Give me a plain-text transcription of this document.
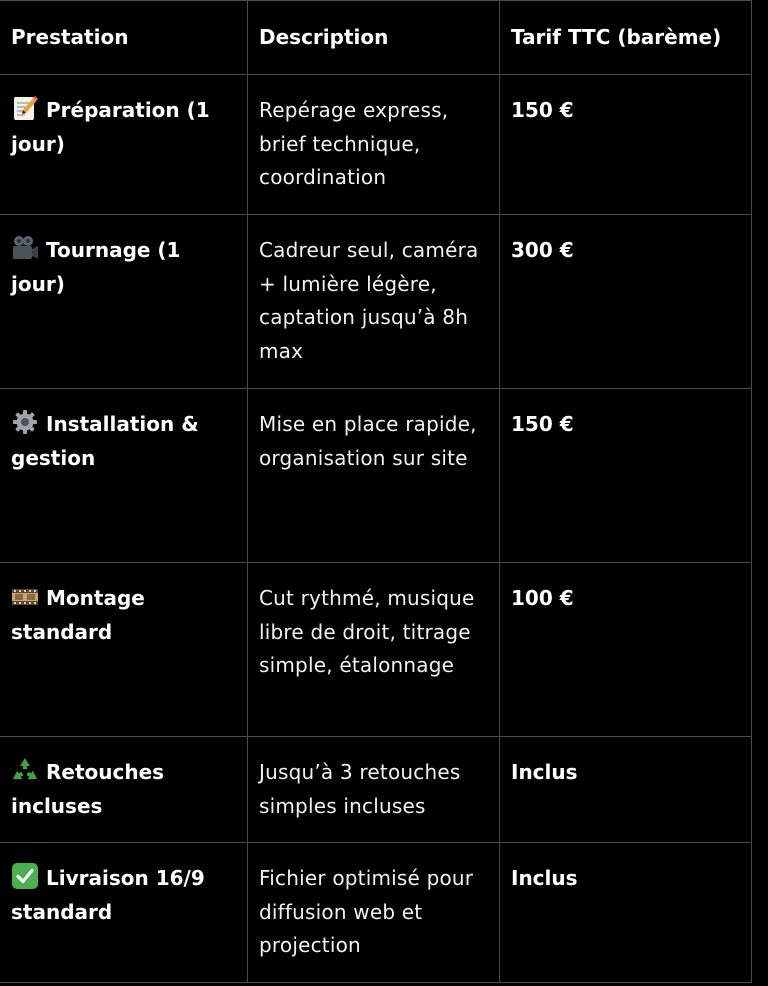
Prestation	Description	Tarif TTC (barème)

Préparation (1 jour)	Repérage express, brief technique, coordination	150 €

Tournage (1 jour)	Cadreur seul, caméra + lumière légère, captation jusqu’à 8h max	300 €

Installation & gestion	Mise en place rapide, organisation sur site	150 €

Montage standard	Cut rythmé, musique libre de droit, titrage simple, étalonnage	100 €

Retouches incluses	Jusqu’à 3 retouches simples incluses	Inclus

Livraison 16/9 standard	Fichier optimisé pour diffusion web et projection	Inclus
